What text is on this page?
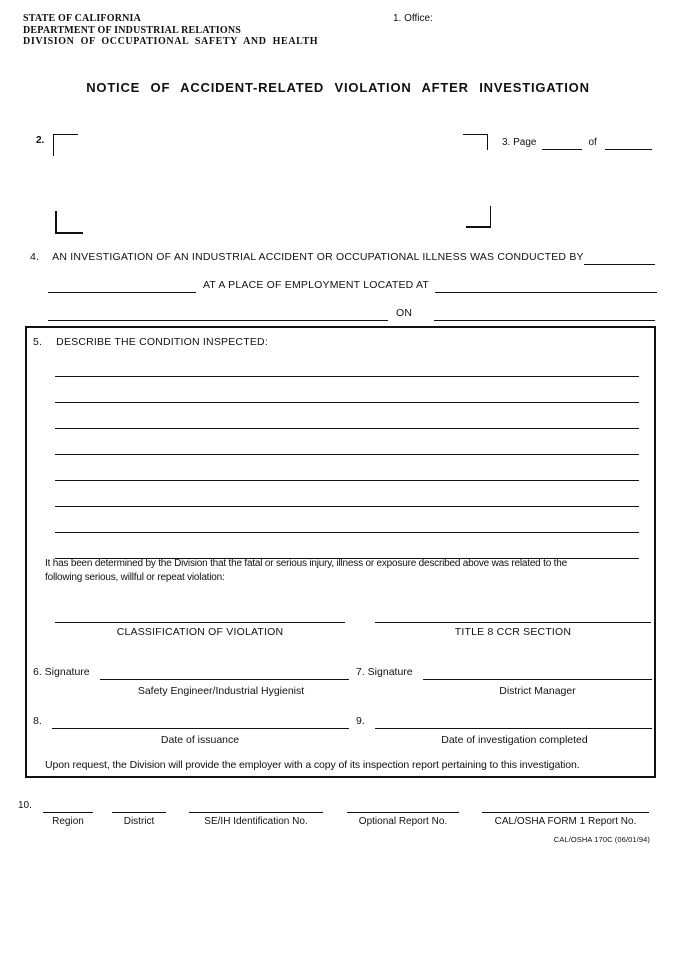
STATE OF CALIFORNIA
DEPARTMENT OF INDUSTRIAL RELATIONS
DIVISION OF OCCUPATIONAL SAFETY AND HEALTH
1. Office:
NOTICE OF ACCIDENT-RELATED VIOLATION AFTER INVESTIGATION
2.	3. Page	of
4. AN INVESTIGATION OF AN INDUSTRIAL ACCIDENT OR OCCUPATIONAL ILLNESS WAS CONDUCTED BY
AT A PLACE OF EMPLOYMENT LOCATED AT
ON
5. DESCRIBE THE CONDITION INSPECTED:
It has been determined by the Division that the fatal or serious injury, illness or exposure described above was related to the
following serious, willful or repeat violation:
CLASSIFICATION OF VIOLATION	TITLE 8 CCR SECTION
6. Signature	7. Signature
Safety Engineer/Industrial Hygienist	District Manager
8.	9.
Date of issuance	Date of investigation completed
Upon request, the Division will provide the employer with a copy of its inspection report pertaining to this investigation.
10.
Region	District	SE/IH Identification No.	Optional Report No.	CAL/OSHA FORM 1 Report No.
CAL/OSHA 170C (06/01/94)
